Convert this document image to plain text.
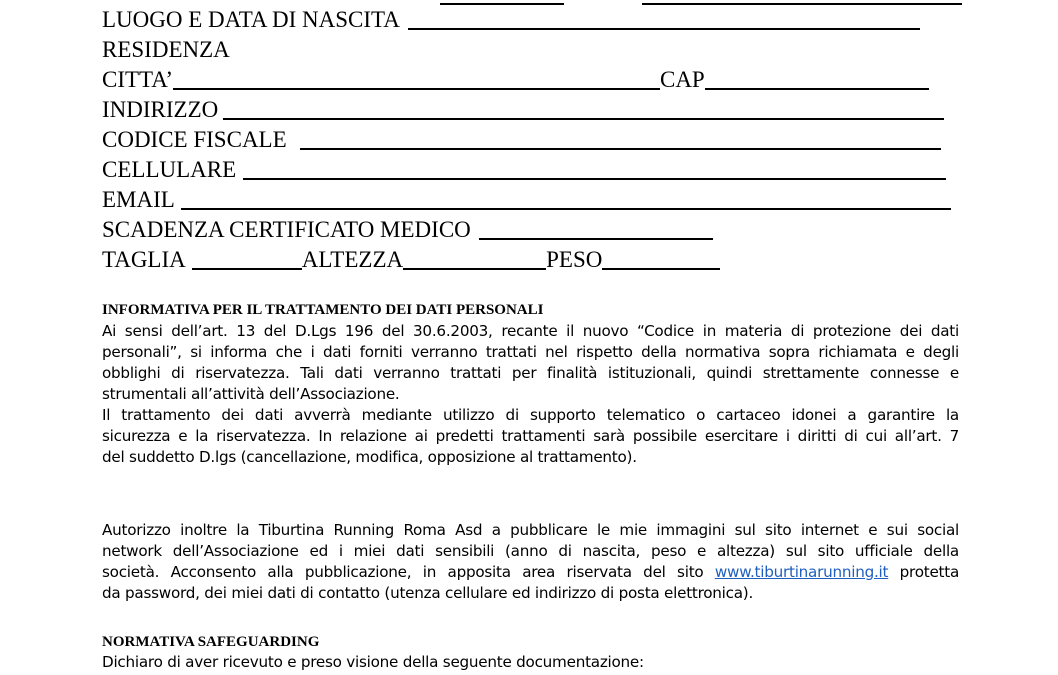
LUOGO E DATA DI NASCITA
RESIDENZA
CITTA’	CAP
INDIRIZZO
CODICE FISCALE
CELLULARE
EMAIL
SCADENZA CERTIFICATO MEDICO
TAGLIA	ALTEZZA	PESO
INFORMATIVA PER IL TRATTAMENTO DEI DATI PERSONALI
Ai sensi dell’art. 13 del D.Lgs 196 del 30.6.2003, recante il nuovo “Codice in materia di protezione dei dati
personali”, si informa che i dati forniti verranno trattati nel rispetto della normativa sopra richiamata e degli
obblighi di riservatezza. Tali dati verranno trattati per finalità istituzionali, quindi strettamente connesse e
strumentali all’attività dell’Associazione.
Il trattamento dei dati avverrà mediante utilizzo di supporto telematico o cartaceo idonei a garantire la
sicurezza e la riservatezza. In relazione ai predetti trattamenti sarà possibile esercitare i diritti di cui all’art. 7
del suddetto D.lgs (cancellazione, modifica, opposizione al trattamento).
Autorizzo inoltre la Tiburtina Running Roma Asd a pubblicare le mie immagini sul sito internet e sui social
network dell’Associazione ed i miei dati sensibili (anno di nascita, peso e altezza) sul sito ufficiale della
società. Acconsento alla pubblicazione, in apposita area riservata del sito www.tiburtinarunning.it protetta
da password, dei miei dati di contatto (utenza cellulare ed indirizzo di posta elettronica).
NORMATIVA SAFEGUARDING
Dichiaro di aver ricevuto e preso visione della seguente documentazione:
